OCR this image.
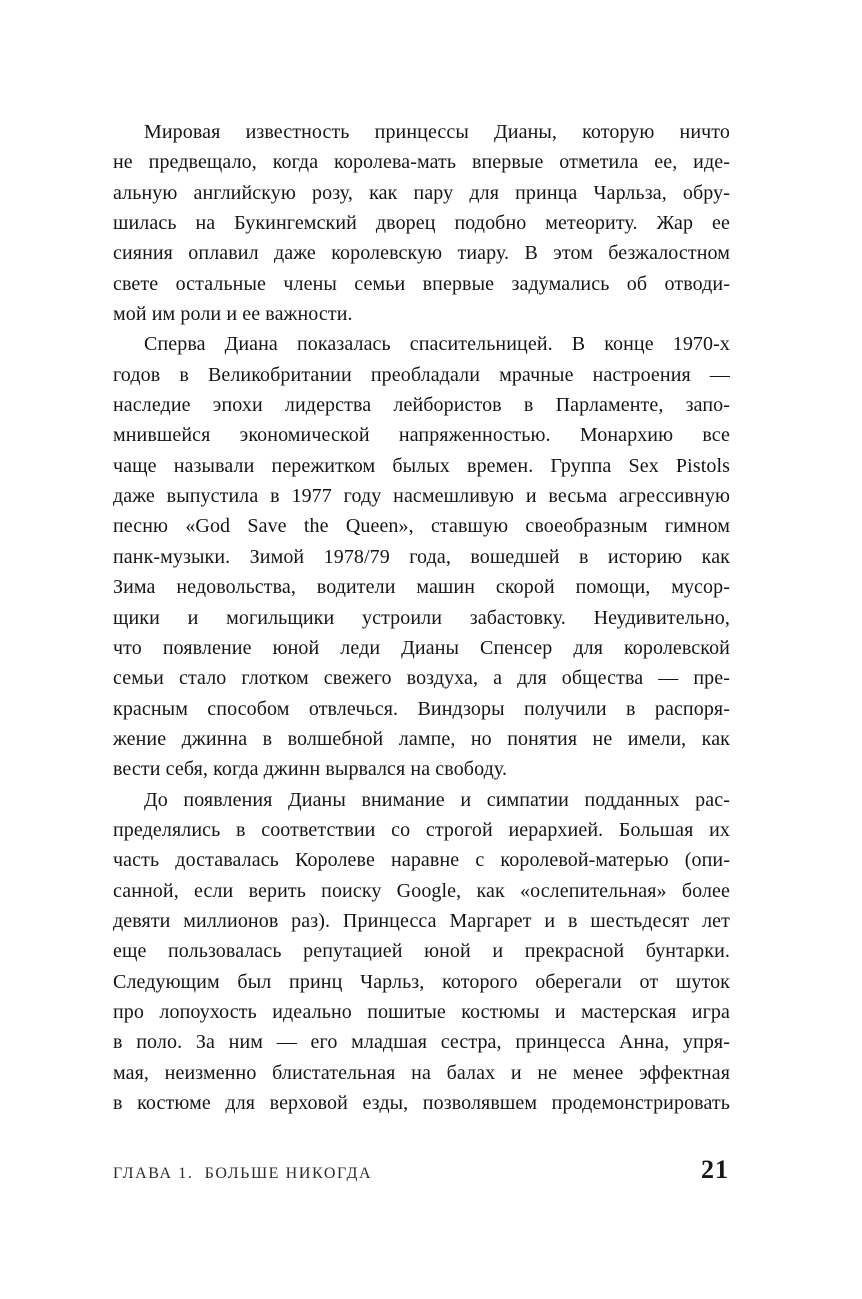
Мировая известность принцессы Дианы, которую ничто
не предвещало, когда королева-мать впервые отметила ее, иде-
альную английскую розу, как пару для принца Чарльза, обру-
шилась на Букингемский дворец подобно метеориту. Жар ее
сияния оплавил даже королевскую тиару. В этом безжалостном
свете остальные члены семьи впервые задумались об отводи-
мой им роли и ее важности.
Сперва Диана показалась спасительницей. В конце 1970-х
годов в Великобритании преобладали мрачные настроения —
наследие эпохи лидерства лейбористов в Парламенте, запо-
мнившейся экономической напряженностью. Монархию все
чаще называли пережитком былых времен. Группа Sex Pistols
даже выпустила в 1977 году насмешливую и весьма агрессивную
песню «God Save the Queen», ставшую своеобразным гимном
панк-музыки. Зимой 1978/79 года, вошедшей в историю как
Зима недовольства, водители машин скорой помощи, мусор-
щики и могильщики устроили забастовку. Неудивительно,
что появление юной леди Дианы Спенсер для королевской
семьи стало глотком свежего воздуха, а для общества — пре-
красным способом отвлечься. Виндзоры получили в распоря-
жение джинна в волшебной лампе, но понятия не имели, как
вести себя, когда джинн вырвался на свободу.
До появления Дианы внимание и симпатии подданных рас-
пределялись в соответствии со строгой иерархией. Большая их
часть доставалась Королеве наравне с королевой-матерью (опи-
санной, если верить поиску Google, как «ослепительная» более
девяти миллионов раз). Принцесса Маргарет и в шестьдесят лет
еще пользовалась репутацией юной и прекрасной бунтарки.
Следующим был принц Чарльз, которого оберегали от шуток
про лопоухость идеально пошитые костюмы и мастерская игра
в поло. За ним — его младшая сестра, принцесса Анна, упря-
мая, неизменно блистательная на балах и не менее эффектная
в костюме для верховой езды, позволявшем продемонстрировать
ГЛАВА 1.  БОЛЬШЕ НИКОГДА	21
